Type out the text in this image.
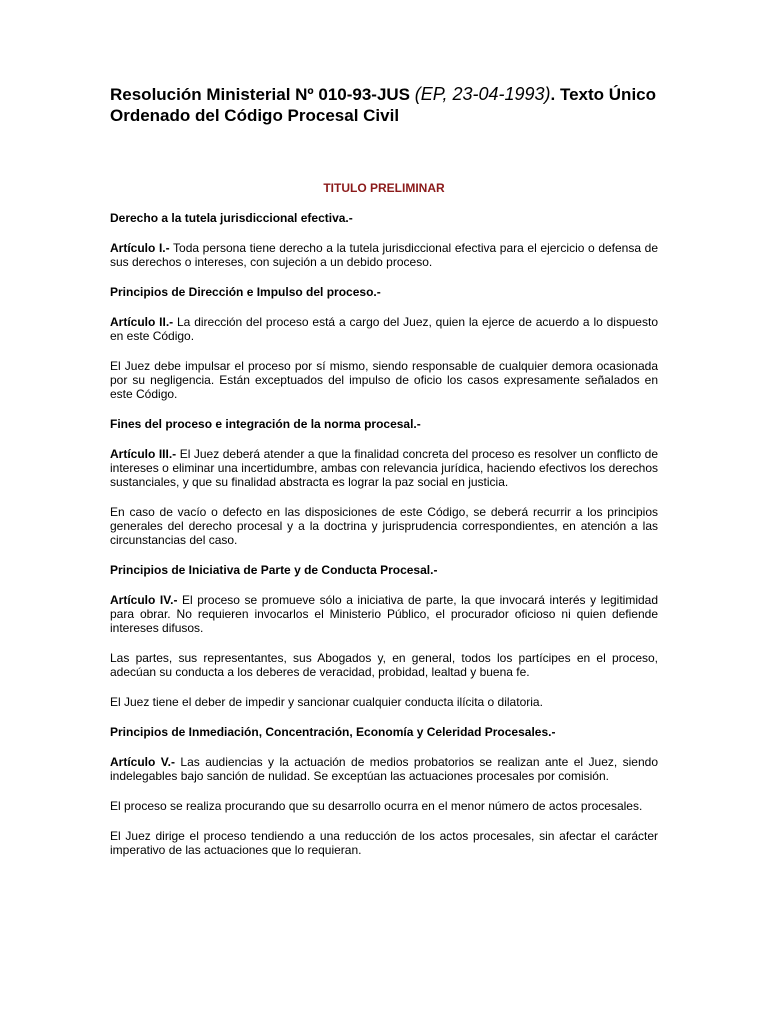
Resolución Ministerial Nº 010-93-JUS (EP, 23-04-1993). Texto Único Ordenado del Código Procesal Civil
TITULO PRELIMINAR
Derecho a la tutela jurisdiccional efectiva.-

Artículo I.- Toda persona tiene derecho a la tutela jurisdiccional efectiva para el ejercicio o defensa de sus derechos o intereses, con sujeción a un debido proceso.

Principios de Dirección e Impulso del proceso.-

Artículo II.- La dirección del proceso está a cargo del Juez, quien la ejerce de acuerdo a lo dispuesto en este Código.

El Juez debe impulsar el proceso por sí mismo, siendo responsable de cualquier demora ocasionada por su negligencia. Están exceptuados del impulso de oficio los casos expresamente señalados en este Código.

Fines del proceso e integración de la norma procesal.-

Artículo III.- El Juez deberá atender a que la finalidad concreta del proceso es resolver un conflicto de intereses o eliminar una incertidumbre, ambas con relevancia jurídica, haciendo efectivos los derechos sustanciales, y que su finalidad abstracta es lograr la paz social en justicia.

En caso de vacío o defecto en las disposiciones de este Código, se deberá recurrir a los principios generales del derecho procesal y a la doctrina y jurisprudencia correspondientes, en atención a las circunstancias del caso.

Principios de Iniciativa de Parte y de Conducta Procesal.-

Artículo IV.- El proceso se promueve sólo a iniciativa de parte, la que invocará interés y legitimidad para obrar. No requieren invocarlos el Ministerio Público, el procurador oficioso ni quien defiende intereses difusos.

Las partes, sus representantes, sus Abogados y, en general, todos los partícipes en el proceso, adecúan su conducta a los deberes de veracidad, probidad, lealtad y buena fe.

El Juez tiene el deber de impedir y sancionar cualquier conducta ilícita o dilatoria.

Principios de Inmediación, Concentración, Economía y Celeridad Procesales.-

Artículo V.- Las audiencias y la actuación de medios probatorios se realizan ante el Juez, siendo indelegables bajo sanción de nulidad. Se exceptúan las actuaciones procesales por comisión.

El proceso se realiza procurando que su desarrollo ocurra en el menor número de actos procesales.

El Juez dirige el proceso tendiendo a una reducción de los actos procesales, sin afectar el carácter imperativo de las actuaciones que lo requieran.
